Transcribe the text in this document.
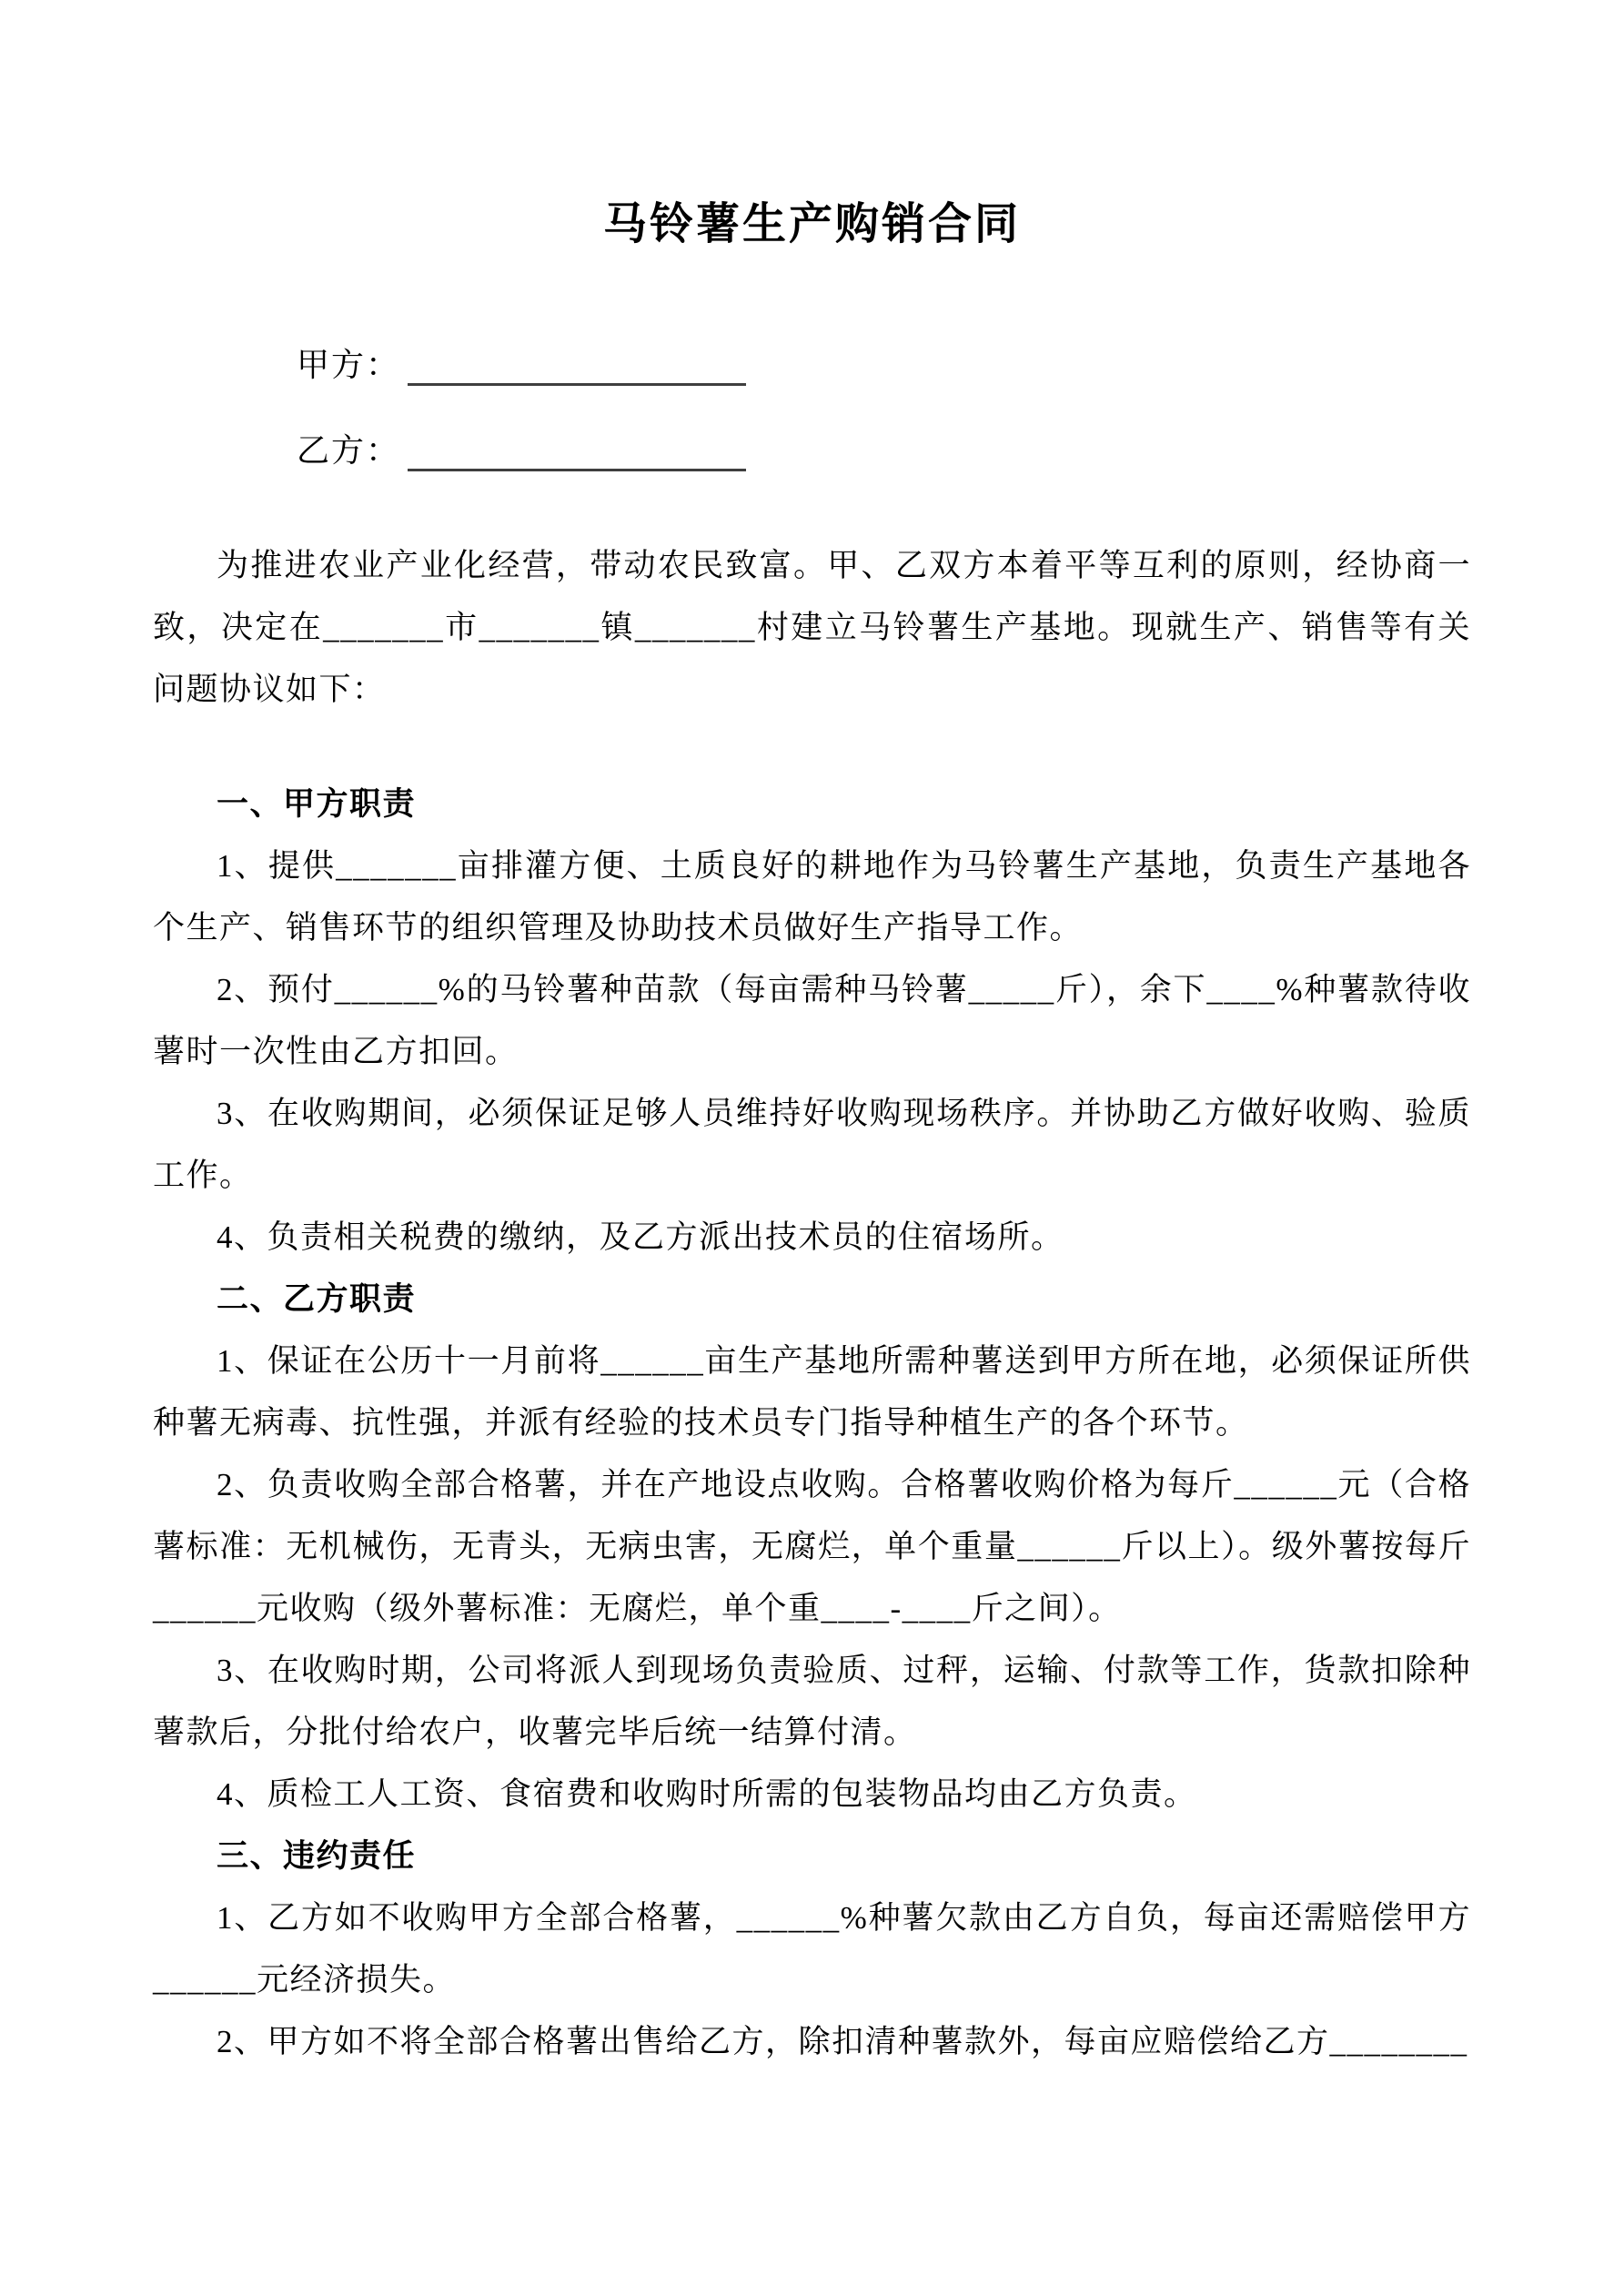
马铃薯生产购销合同
甲方：
乙方：

为推进农业产业化经营，带动农民致富。甲、乙双方本着平等互利的原则，经协商一致，决定在_______市_______镇_______村建立马铃薯生产基地。现就生产、销售等有关问题协议如下：

一、甲方职责

1、提供_______亩排灌方便、土质良好的耕地作为马铃薯生产基地，负责生产基地各个生产、销售环节的组织管理及协助技术员做好生产指导工作。

2、预付______%的马铃薯种苗款（每亩需种马铃薯_____斤），余下____%种薯款待收薯时一次性由乙方扣回。

3、在收购期间，必须保证足够人员维持好收购现场秩序。并协助乙方做好收购、验质工作。

4、负责相关税费的缴纳，及乙方派出技术员的住宿场所。

二、乙方职责

1、保证在公历十一月前将______亩生产基地所需种薯送到甲方所在地，必须保证所供种薯无病毒、抗性强，并派有经验的技术员专门指导种植生产的各个环节。

2、负责收购全部合格薯，并在产地设点收购。合格薯收购价格为每斤______元（合格薯标准：无机械伤，无青头，无病虫害，无腐烂，单个重量______斤以上）。级外薯按每斤______元收购（级外薯标准：无腐烂，单个重____-____斤之间）。

3、在收购时期，公司将派人到现场负责验质、过秤，运输、付款等工作，货款扣除种薯款后，分批付给农户，收薯完毕后统一结算付清。

4、质检工人工资、食宿费和收购时所需的包装物品均由乙方负责。

三、违约责任

1、乙方如不收购甲方全部合格薯，______%种薯欠款由乙方自负，每亩还需赔偿甲方______元经济损失。

2、甲方如不将全部合格薯出售给乙方，除扣清种薯款外，每亩应赔偿给乙方________
